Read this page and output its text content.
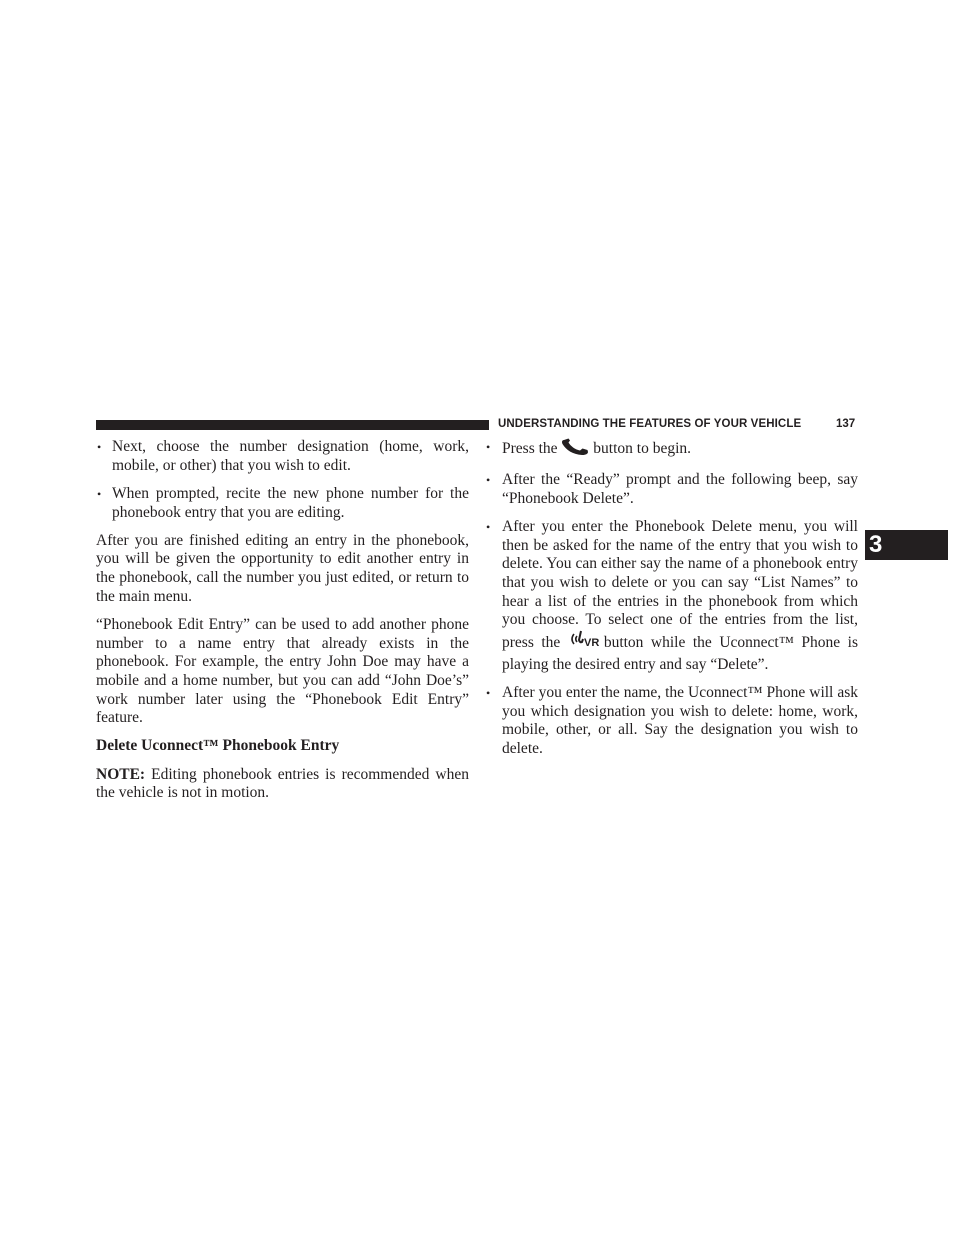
UNDERSTANDING THE FEATURES OF YOUR VEHICLE	137
3
• Next, choose the number designation (home, work, mobile, or other) that you wish to edit.
• When prompted, recite the new phone number for the phonebook entry that you are editing.

After you are finished editing an entry in the phonebook, you will be given the opportunity to edit another entry in the phonebook, call the number you just edited, or return to the main menu.

“Phonebook Edit Entry” can be used to add another phone number to a name entry that already exists in the phonebook. For example, the entry John Doe may have a mobile and a home number, but you can add “John Doe’s” work number later using the “Phonebook Edit Entry” feature.

Delete Uconnect™ Phonebook Entry

NOTE: Editing phonebook entries is recommended when the vehicle is not in motion.

• Press the  button to begin.
• After the “Ready” prompt and the following beep, say “Phonebook Delete”.
• After you enter the Phonebook Delete menu, you will then be asked for the name of the entry that you wish to delete. You can either say the name of a phonebook entry that you wish to delete or you can say “List Names” to hear a list of the entries in the phonebook from which you choose. To select one of the entries from the list, press the VR button while the Uconnect™ Phone is playing the desired entry and say “Delete”.
• After you enter the name, the Uconnect™ Phone will ask you which designation you wish to delete: home, work, mobile, other, or all. Say the designation you wish to delete.
